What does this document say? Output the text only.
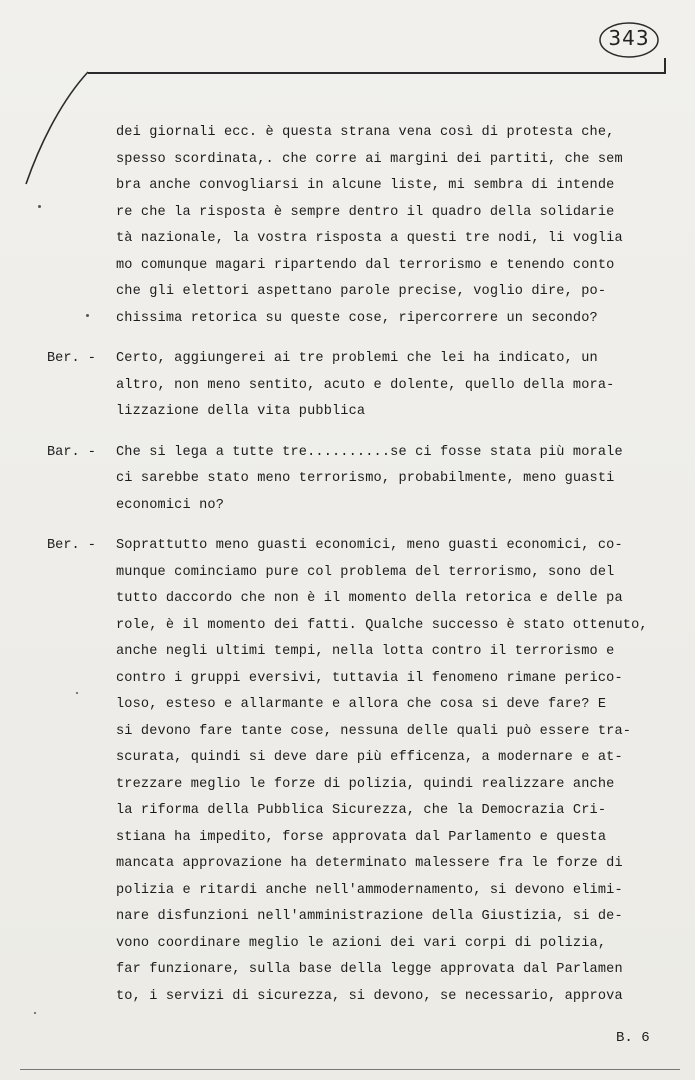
343
dei giornali ecc. è questa strana vena così di protesta che,
spesso scordinata,. che corre ai margini dei partiti, che sem
bra anche convogliarsi in alcune liste, mi sembra di intende
re che la risposta è sempre dentro il quadro della solidarie
tà nazionale, la vostra risposta a questi tre nodi, li voglia
mo comunque magari ripartendo dal terrorismo e tenendo conto
che gli elettori aspettano parole precise, voglio dire, po-
chissima retorica su queste cose, ripercorrere un secondo?
Ber. - Certo, aggiungerei ai tre problemi che lei ha indicato, un
altro, non meno sentito, acuto e dolente, quello della mora-
lizzazione della vita pubblica
Bar. - Che si lega a tutte tre..........se ci fosse stata più morale
ci sarebbe stato meno terrorismo, probabilmente, meno guasti
economici no?
Ber. - Soprattutto meno guasti economici, meno guasti economici, co-
munque cominciamo pure col problema del terrorismo, sono del
tutto daccordo che non è il momento della retorica e delle pa
role, è il momento dei fatti. Qualche successo è stato ottenuto,
anche negli ultimi tempi, nella lotta contro il terrorismo e
contro i gruppi eversivi, tuttavia il fenomeno rimane perico-
loso, esteso e allarmante e allora che cosa si deve fare? E
si devono fare tante cose, nessuna delle quali può essere tra-
scurata, quindi si deve dare più efficenza, a modernare e at-
trezzare meglio le forze di polizia, quindi realizzare anche
la riforma della Pubblica Sicurezza, che la Democrazia Cri-
stiana ha impedito, forse approvata dal Parlamento e questa
mancata approvazione ha determinato malessere fra le forze di
polizia e ritardi anche nell'ammodernamento, si devono elimi-
nare disfunzioni nell'amministrazione della Giustizia, si de-
vono coordinare meglio le azioni dei vari corpi di polizia,
far funzionare, sulla base della legge approvata dal Parlamen
to, i servizi di sicurezza, si devono, se necessario, approva
B. 6
